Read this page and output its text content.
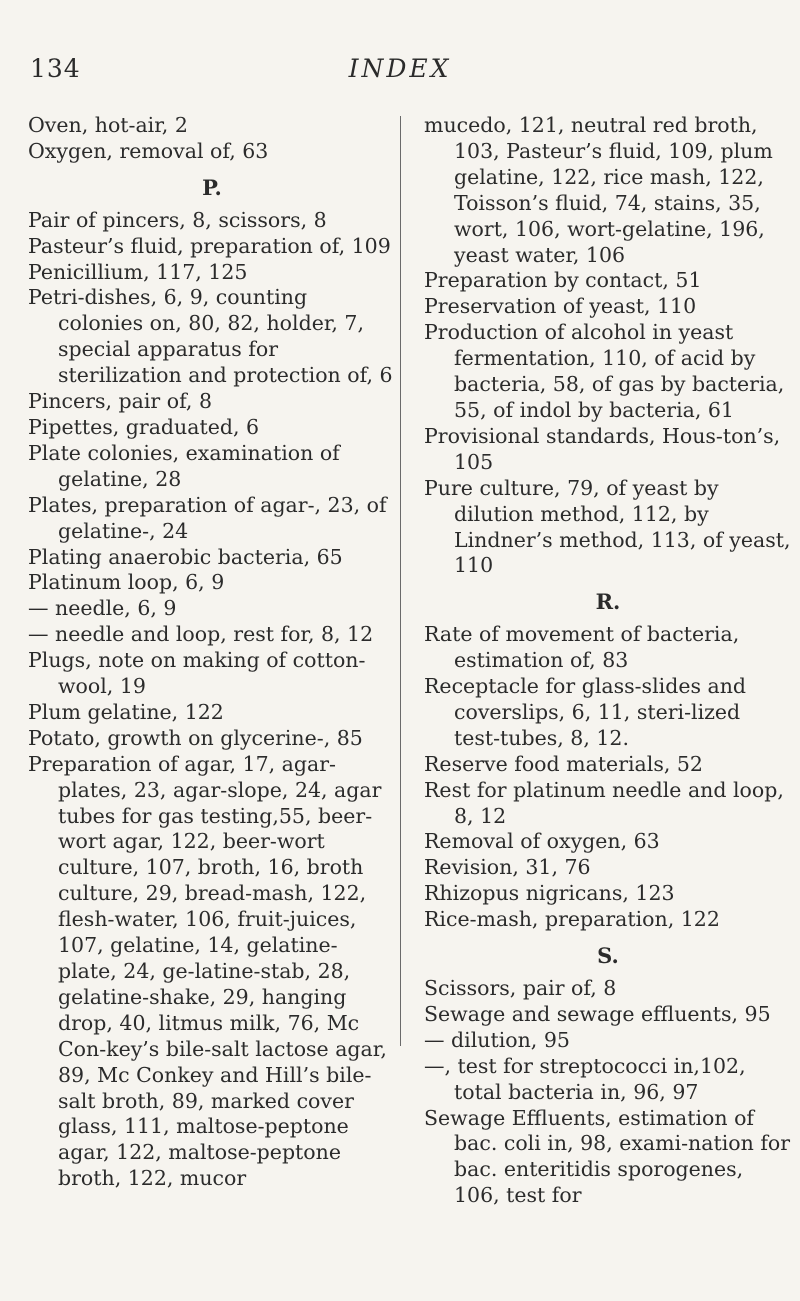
134	INDEX

Oven, hot-air, 2

Oxygen, removal of, 63

P.

Pair of pincers, 8, scissors, 8

Pasteur’s fluid, preparation of, 109

Penicillium, 117, 125

Petri-dishes, 6, 9, counting colonies on, 80, 82, holder, 7, special apparatus for sterilization and protection of, 6

Pincers, pair of, 8

Pipettes, graduated, 6

Plate colonies, examination of gelatine, 28

Plates, preparation of agar-, 23, of gelatine-, 24

Plating anaerobic bacteria, 65

Platinum loop, 6, 9

— needle, 6, 9

— needle and loop, rest for, 8, 12

Plugs, note on making of cotton-wool, 19

Plum gelatine, 122

Potato, growth on glycerine-, 85

Preparation of agar, 17, agar-plates, 23, agar-slope, 24, agar tubes for gas testing,55, beer-wort agar, 122, beer-wort culture, 107, broth, 16, broth culture, 29, bread-mash, 122, flesh-water, 106, fruit-juices, 107, gelatine, 14, gelatine-plate, 24, ge-latine-stab, 28, gelatine-shake, 29, hanging drop, 40, litmus milk, 76, Mc Con-key’s bile-salt lactose agar, 89, Mc Conkey and Hill’s bile-salt broth, 89, marked cover glass, 111, maltose-peptone agar, 122, maltose-peptone broth, 122, mucor

mucedo, 121, neutral red broth, 103, Pasteur’s fluid, 109, plum gelatine, 122, rice mash, 122, Toisson’s fluid, 74, stains, 35, wort, 106, wort-gelatine, 196, yeast water, 106

Preparation by contact, 51

Preservation of yeast, 110

Production of alcohol in yeast fermentation, 110, of acid by bacteria, 58, of gas by bacteria, 55, of indol by bacteria, 61

Provisional standards, Hous-ton’s, 105

Pure culture, 79, of yeast by dilution method, 112, by Lindner’s method, 113, of yeast, 110

R.

Rate of movement of bacteria, estimation of, 83

Receptacle for glass-slides and coverslips, 6, 11, steri-lized test-tubes, 8, 12.

Reserve food materials, 52

Rest for platinum needle and loop, 8, 12

Removal of oxygen, 63

Revision, 31, 76

Rhizopus nigricans, 123

Rice-mash, preparation, 122

S.

Scissors, pair of, 8

Sewage and sewage effluents, 95

— dilution, 95

—, test for streptococci in,102, total bacteria in, 96, 97

Sewage Effluents, estimation of bac. coli in, 98, exami-nation for bac. enteritidis sporogenes, 106, test for
